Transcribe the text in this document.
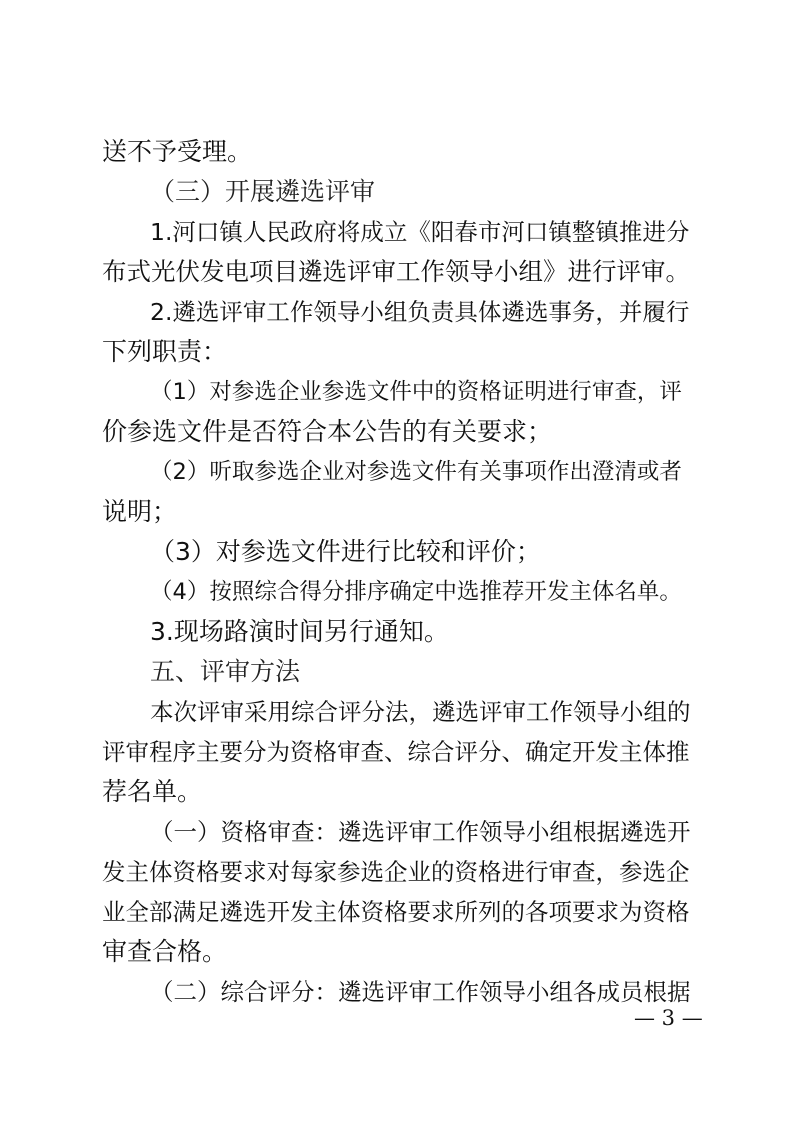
送不予受理。
（三）开展遴选评审
1.河口镇人民政府将成立《阳春市河口镇整镇推进分
布式光伏发电项目遴选评审工作领导小组》进行评审。
2.遴选评审工作领导小组负责具体遴选事务，并履行
下列职责：
（1）对参选企业参选文件中的资格证明进行审查，评
价参选文件是否符合本公告的有关要求；
（2）听取参选企业对参选文件有关事项作出澄清或者
说明；
（3）对参选文件进行比较和评价；
（4）按照综合得分排序确定中选推荐开发主体名单。
3.现场路演时间另行通知。
五、评审方法
本次评审采用综合评分法，遴选评审工作领导小组的
评审程序主要分为资格审查、综合评分、确定开发主体推
荐名单。
（一）资格审查：遴选评审工作领导小组根据遴选开
发主体资格要求对每家参选企业的资格进行审查，参选企
业全部满足遴选开发主体资格要求所列的各项要求为资格
审查合格。
（二）综合评分：遴选评审工作领导小组各成员根据
— 3 —
